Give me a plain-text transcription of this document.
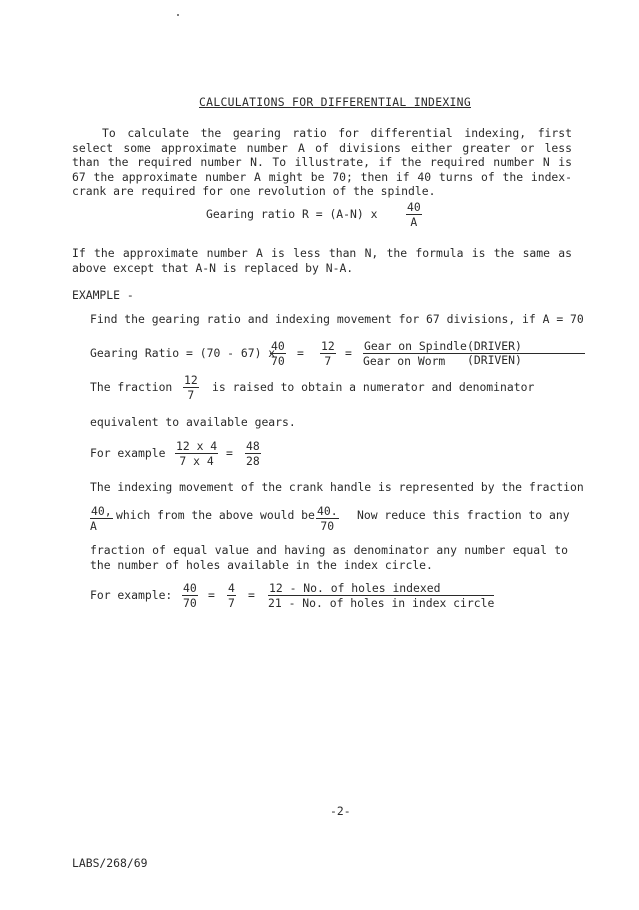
CALCULATIONS FOR DIFFERENTIAL INDEXING
To calculate the gearing ratio for differential indexing, first select some approximate number A of divisions either greater or less than the required number N. To illustrate, if the required number N is 67 the approximate number A might be 70; then if 40 turns of the index-crank are required for one revolution of the spindle.
Gearing ratio R = (A-N) x	$\frac{40}{A}$
If the approximate number A is less than N, the formula is the same as above except that A-N is replaced by N-A.
EXAMPLE -
Find the gearing ratio and indexing movement for 67 divisions, if A = 70
Gearing Ratio = (70 - 67) x
$\frac{40}{70} = \frac{12}{7}$ = Gear on Spindle
Gear on Worm
(DRIVER)
(DRIVEN)
The fraction $\frac{12}{7}$ is raised to obtain a numerator and denominator
equivalent to available gears.
For example $\frac{12 x 4}{7 x 4} = \frac{48}{28}$
The indexing movement of the crank handle is represented by the fraction
$\frac{40,}{A}$ which from the above would be $\frac{40.}{70}$ Now reduce this fraction to any
fraction of equal value and having as denominator any number equal to the number of holes available in the index circle.
For example: $\frac{40}{70} = \frac{4}{7} = 12 - No$. of holes indexed
21 - No. of holes in index circle
-2-
LABS/268/69
